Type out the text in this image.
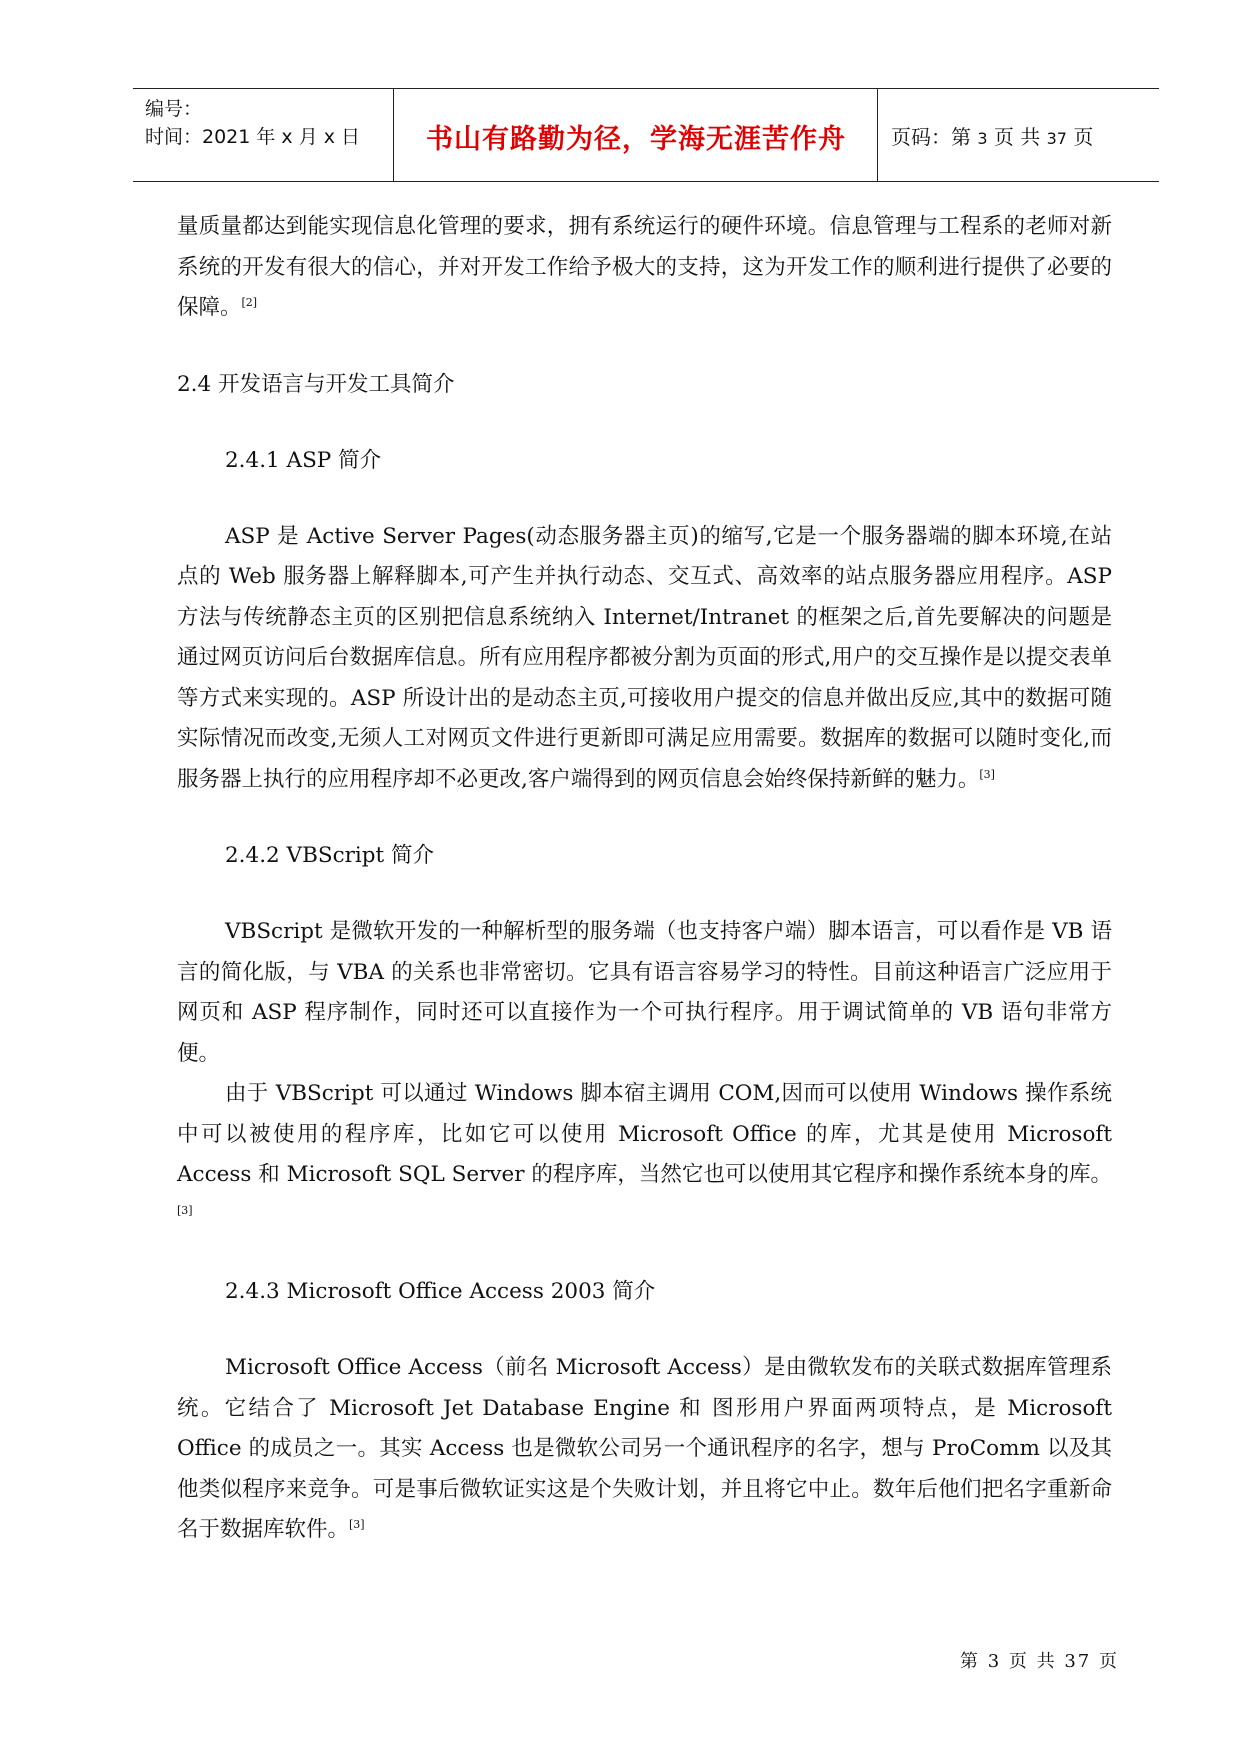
编号：
时间：2021 年 x 月 x 日	书山有路勤为径，学海无涯苦作舟	页码：第 3 页 共 37 页

量质量都达到能实现信息化管理的要求，拥有系统运行的硬件环境。信息管理与工程系的老师对新系统的开发有很大的信心，并对开发工作给予极大的支持，这为开发工作的顺利进行提供了必要的保障。[2]

2.4 开发语言与开发工具简介

2.4.1 ASP 简介

ASP 是 Active Server Pages(动态服务器主页)的缩写,它是一个服务器端的脚本环境,在站点的 Web 服务器上解释脚本,可产生并执行动态、交互式、高效率的站点服务器应用程序。ASP 方法与传统静态主页的区别把信息系统纳入 Internet/Intranet 的框架之后,首先要解决的问题是通过网页访问后台数据库信息。所有应用程序都被分割为页面的形式,用户的交互操作是以提交表单等方式来实现的。ASP 所设计出的是动态主页,可接收用户提交的信息并做出反应,其中的数据可随实际情况而改变,无须人工对网页文件进行更新即可满足应用需要。数据库的数据可以随时变化,而服务器上执行的应用程序却不必更改,客户端得到的网页信息会始终保持新鲜的魅力。[3]

2.4.2 VBScript 简介

VBScript 是微软开发的一种解析型的服务端（也支持客户端）脚本语言，可以看作是 VB 语言的简化版，与 VBA 的关系也非常密切。它具有语言容易学习的特性。目前这种语言广泛应用于网页和 ASP 程序制作，同时还可以直接作为一个可执行程序。用于调试简单的 VB 语句非常方便。

由于 VBScript 可以通过 Windows 脚本宿主调用 COM,因而可以使用 Windows 操作系统中可以被使用的程序库，比如它可以使用 Microsoft Office 的库，尤其是使用 Microsoft Access 和 Microsoft SQL Server 的程序库，当然它也可以使用其它程序和操作系统本身的库。[3]

2.4.3 Microsoft Office Access 2003 简介

Microsoft Office Access（前名 Microsoft Access）是由微软发布的关联式数据库管理系统。它结合了 Microsoft Jet Database Engine 和 图形用户界面两项特点，是 Microsoft Office 的成员之一。其实 Access 也是微软公司另一个通讯程序的名字，想与 ProComm 以及其他类似程序来竞争。可是事后微软证实这是个失败计划，并且将它中止。数年后他们把名字重新命名于数据库软件。[3]

第 3 页 共 37 页
